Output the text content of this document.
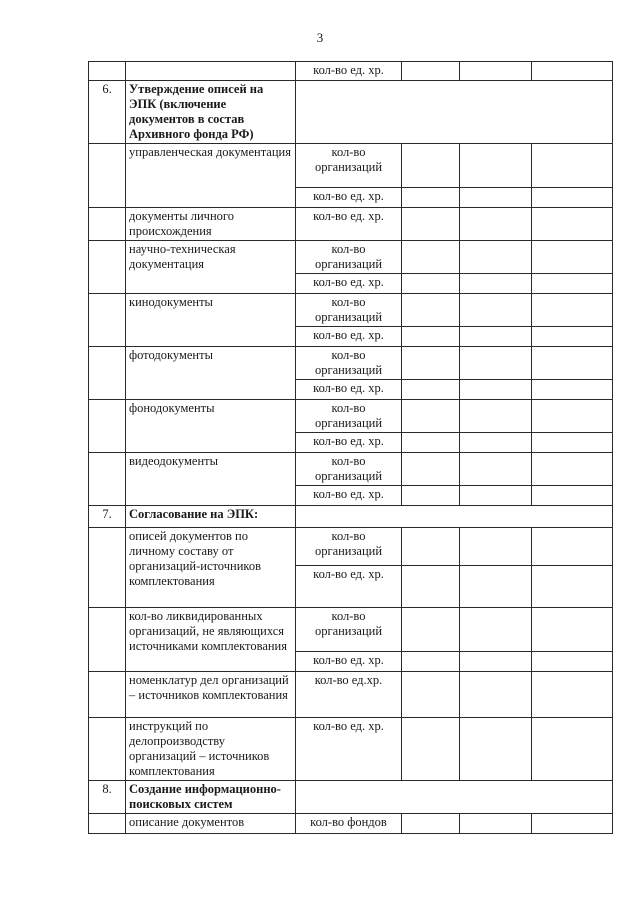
3
		кол-во ед. хр.			
6.	Утверждение описей на ЭПК (включение документов в состав Архивного фонда РФ)				
	управленческая документация	кол-во организаций			
		кол-во ед. хр.			
	документы личного происхождения	кол-во ед. хр.			
	научно-техническая документация	кол-во организаций			
		кол-во ед. хр.			
	кинодокументы	кол-во организаций			
		кол-во ед. хр.			
	фотодокументы	кол-во организаций			
		кол-во ед. хр.			
	фонодокументы	кол-во организаций			
		кол-во ед. хр.			
	видеодокументы	кол-во организаций			
		кол-во ед. хр.			
7.	Согласование на ЭПК:				
	описей документов по личному составу от организаций-источников комплектования	кол-во организаций			
		кол-во ед. хр.			
	кол-во ликвидированных организаций, не являющихся источниками комплектования	кол-во организаций			
		кол-во ед. хр.			
	номенклатур дел организаций – источников комплектования	кол-во ед.хр.			
	инструкций по делопроизводству организаций – источников комплектования	кол-во ед. хр.			
8.	Создание информационно-поисковых систем				
	описание документов	кол-во фондов			
